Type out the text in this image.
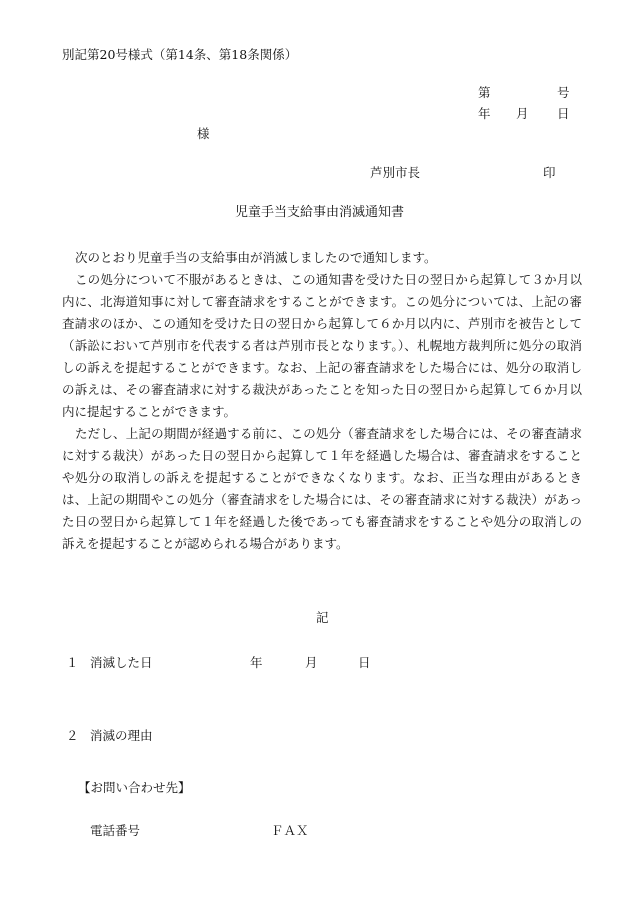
別記第20号様式（第14条、第18条関係）
第	号
年 月 日
様
芦別市長	印
児童手当支給事由消滅通知書

次のとおり児童手当の支給事由が消滅しましたので通知します。

この処分について不服があるときは、この通知書を受けた日の翌日から起算して３か月以内に、北海道知事に対して審査請求をすることができます。この処分については、上記の審査請求のほか、この通知を受けた日の翌日から起算して６か月以内に、芦別市を被告として（訴訟において芦別市を代表する者は芦別市長となります。）、札幌地方裁判所に処分の取消しの訴えを提起することができます。なお、上記の審査請求をした場合には、処分の取消しの訴えは、その審査請求に対する裁決があったことを知った日の翌日から起算して６か月以内に提起することができます。

ただし、上記の期間が経過する前に、この処分（審査請求をした場合には、その審査請求に対する裁決）があった日の翌日から起算して１年を経過した場合は、審査請求をすることや処分の取消しの訴えを提起することができなくなります。なお、正当な理由があるときは、上記の期間やこの処分（審査請求をした場合には、その審査請求に対する裁決）があった日の翌日から起算して１年を経過した後であっても審査請求をすることや処分の取消しの訴えを提起することが認められる場合があります。

記
１ 消滅した日	年	月	日
２ 消滅の理由
【お問い合わせ先】
電話番号	ＦＡＸ
